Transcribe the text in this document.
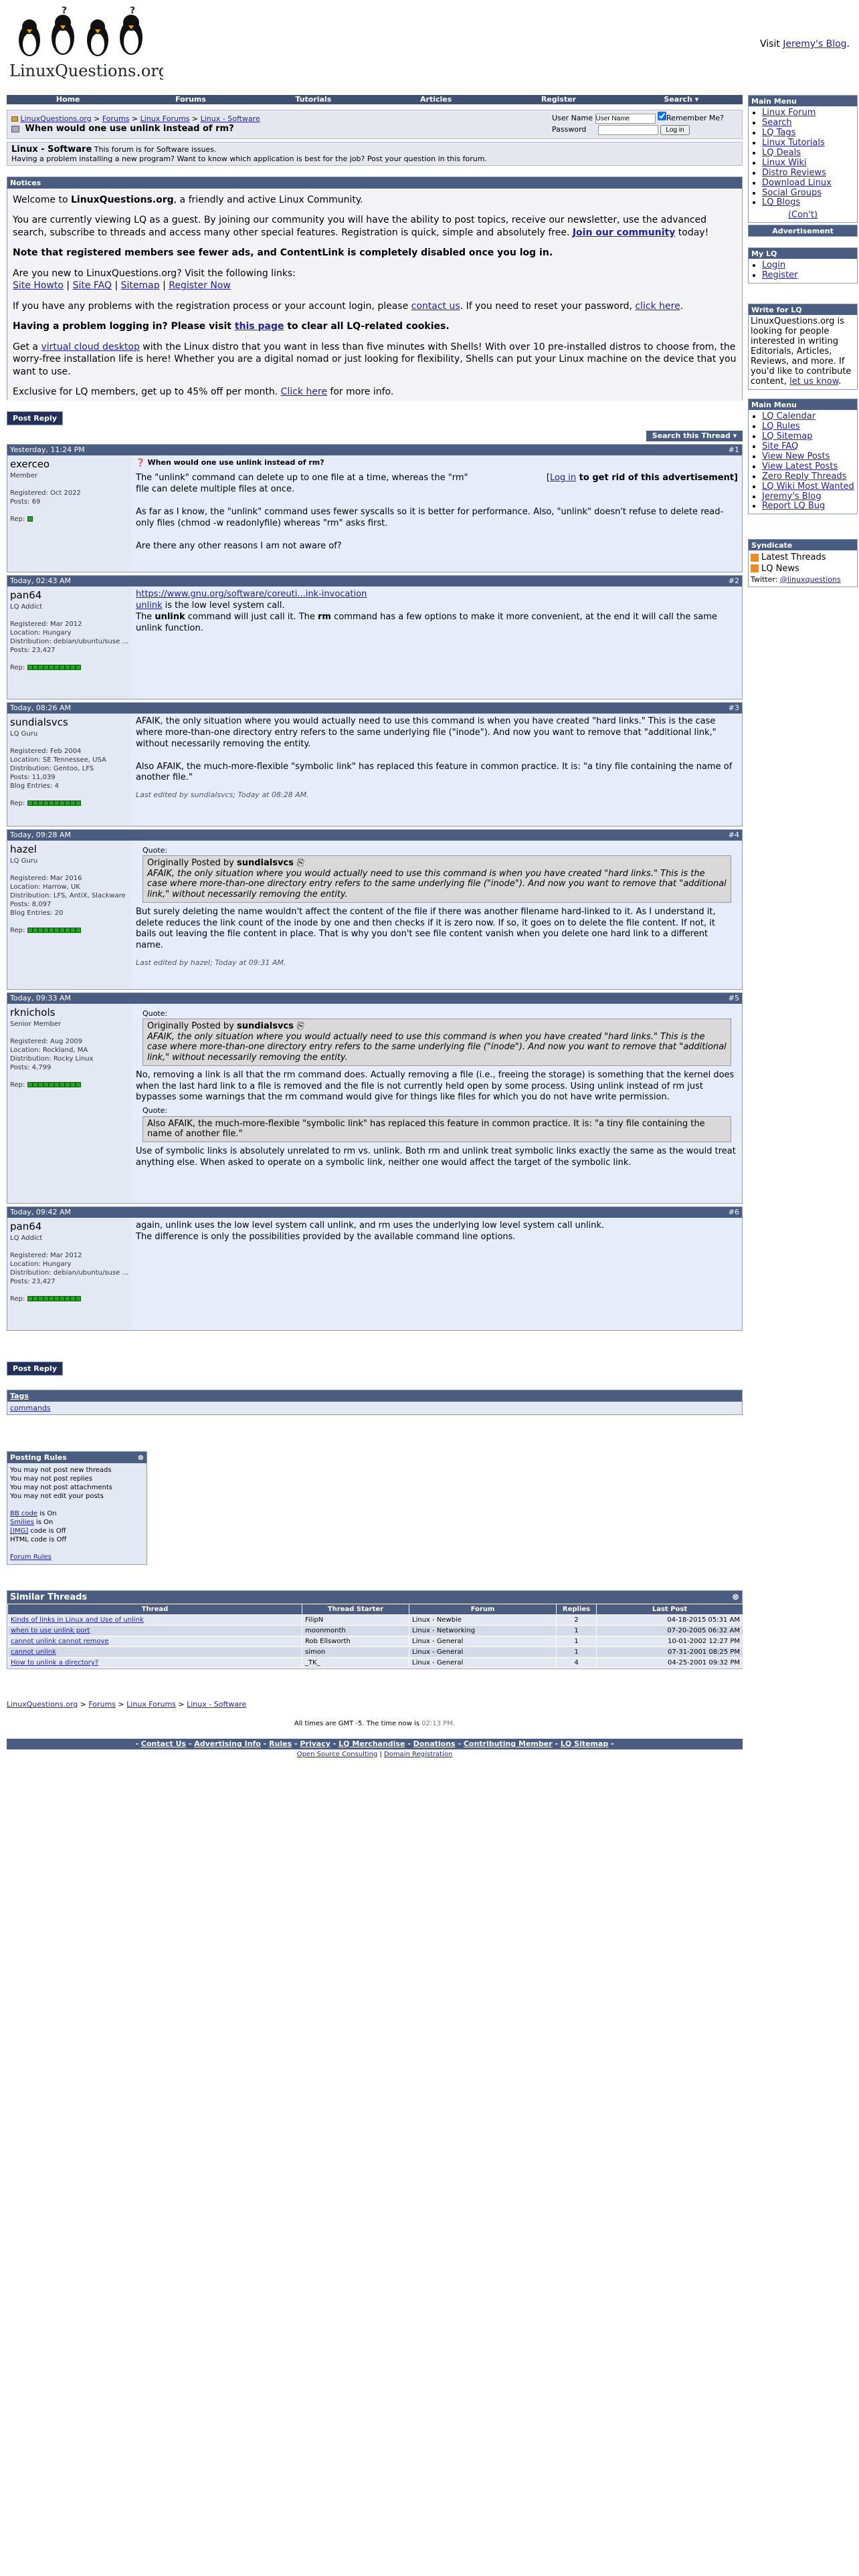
?	?
LinuxQuestions.org
Visit Jeremy's Blog.
Home	Forums	Tutorials	Articles	Register	Search ▾
LinuxQuestions.org > Forums > Linux Forums > Linux - Software
When would one use unlink instead of rm?
User Name User Name	Remember Me?
Password	Log in
Linux - Software This forum is for Software issues.
Having a problem installing a new program? Want to know which application is best for the job? Post your question in this forum.
Notices

Welcome to LinuxQuestions.org, a friendly and active Linux Community.

You are currently viewing LQ as a guest. By joining our community you will have the ability to post topics, receive our newsletter, use the advanced search, subscribe to threads and access many other special features. Registration is quick, simple and absolutely free. Join our community today!

Note that registered members see fewer ads, and ContentLink is completely disabled once you log in.

Are you new to LinuxQuestions.org? Visit the following links:
Site Howto | Site FAQ | Sitemap | Register Now

If you have any problems with the registration process or your account login, please contact us. If you need to reset your password, click here.

Having a problem logging in? Please visit this page to clear all LQ-related cookies.

Get a virtual cloud desktop with the Linux distro that you want in less than five minutes with Shells! With over 10 pre-installed distros to choose from, the worry-free installation life is here! Whether you are a digital nomad or just looking for flexibility, Shells can put your Linux machine on the device that you want to use.

Exclusive for LQ members, get up to 45% off per month. Click here for more info.

Post Reply
Search this Thread ▾
Yesterday, 11:24 PM	#1
exerceo
Member

Registered: Oct 2022
Posts: 69

Rep:
❓ When would one use unlink instead of rm?
The "unlink" command can delete up to one file at a time, whereas the "rm" file can delete multiple files at once.
[Log in to get rid of this advertisement]

As far as I know, the "unlink" command uses fewer syscalls so it is better for performance. Also, "unlink" doesn't refuse to delete read-only files (chmod -w readonlyfile) whereas "rm" asks first.

Are there any other reasons I am not aware of?
Today, 02:43 AM	#2
pan64
LQ Addict

Registered: Mar 2012
Location: Hungary
Distribution: debian/ubuntu/suse ...
Posts: 23,427

Rep:
https://www.gnu.org/software/coreuti...ink-invocation
unlink is the low level system call.
The unlink command will just call it. The rm command has a few options to make it more convenient, at the end it will call the same unlink function.
Today, 08:26 AM	#3
sundialsvcs
LQ Guru

Registered: Feb 2004
Location: SE Tennessee, USA
Distribution: Gentoo, LFS
Posts: 11,039
Blog Entries: 4

Rep:
AFAIK, the only situation where you would actually need to use this command is when you have created "hard links." This is the case where more-than-one directory entry refers to the same underlying file ("inode"). And now you want to remove that "additional link," without necessarily removing the entity.

Also AFAIK, the much-more-flexible "symbolic link" has replaced this feature in common practice. It is: "a tiny file containing the name of another file."
Last edited by sundialsvcs; Today at 08:28 AM.
Today, 09:28 AM	#4
hazel
LQ Guru

Registered: Mar 2016
Location: Harrow, UK
Distribution: LFS, AntiX, Slackware
Posts: 8,097
Blog Entries: 20

Rep:
Quote:
Originally Posted by sundialsvcs ⎘
AFAIK, the only situation where you would actually need to use this command is when you have created "hard links." This is the case where more-than-one directory entry refers to the same underlying file ("inode"). And now you want to remove that "additional link," without necessarily removing the entity.
But surely deleting the name wouldn't affect the content of the file if there was another filename hard-linked to it. As I understand it, delete reduces the link count of the inode by one and then checks if it is zero now. If so, it goes on to delete the file content. If not, it bails out leaving the file content in place. That is why you don't see file content vanish when you delete one hard link to a different name.
Last edited by hazel; Today at 09:31 AM.
Today, 09:33 AM	#5
rknichols
Senior Member

Registered: Aug 2009
Location: Rockland, MA
Distribution: Rocky Linux
Posts: 4,799

Rep:
Quote:
Originally Posted by sundialsvcs ⎘
AFAIK, the only situation where you would actually need to use this command is when you have created "hard links." This is the case where more-than-one directory entry refers to the same underlying file ("inode"). And now you want to remove that "additional link," without necessarily removing the entity.
No, removing a link is all that the rm command does. Actually removing a file (i.e., freeing the storage) is something that the kernel does when the last hard link to a file is removed and the file is not currently held open by some process. Using unlink instead of rm just bypasses some warnings that the rm command would give for things like files for which you do not have write permission.
Quote:
Also AFAIK, the much-more-flexible "symbolic link" has replaced this feature in common practice. It is: "a tiny file containing the name of another file."
Use of symbolic links is absolutely unrelated to rm vs. unlink. Both rm and unlink treat symbolic links exactly the same as the would treat anything else. When asked to operate on a symbolic link, neither one would affect the target of the symbolic link.
Today, 09:42 AM	#6
pan64
LQ Addict

Registered: Mar 2012
Location: Hungary
Distribution: debian/ubuntu/suse ...
Posts: 23,427

Rep:
again, unlink uses the low level system call unlink, and rm uses the underlying low level system call unlink.
The difference is only the possibilities provided by the available command line options.
Post Reply
Tags
commands
Posting Rules	⊗
You may not post new threads
You may not post replies
You may not post attachments
You may not edit your posts

BB code is On
Smilies is On
[IMG] code is Off
HTML code is Off

Forum Rules
Similar Threads	⊗
Thread	Thread Starter	Forum	Replies	Last Post
Kinds of links in Linux and Use of unlink	FilipN	Linux - Newbie	2	04-18-2015 05:31 AM
when to use unlink port	moonmonth	Linux - Networking	1	07-20-2005 06:32 AM
cannot unlink cannot remove	Rob Ellsworth	Linux - General	1	10-01-2002 12:27 PM
cannot unlink	simon	Linux - General	1	07-31-2001 08:25 PM
How to unlink a directory?	_TK_	Linux - General	4	04-25-2001 09:32 PM
LinuxQuestions.org > Forums > Linux Forums > Linux - Software
All times are GMT -5. The time now is 02:13 PM.
- Contact Us - Advertising Info - Rules - Privacy - LQ Merchandise - Donations - Contributing Member - LQ Sitemap -
Open Source Consulting | Domain Registration
Main Menu
• Linux Forum
• Search
• LQ Tags
• Linux Tutorials
• LQ Deals
• Linux Wiki
• Distro Reviews
• Download Linux
• Social Groups
• LQ Blogs
(Con't)
Advertisement
My LQ
• Login
• Register
Write for LQ
LinuxQuestions.org is looking for people interested in writing Editorials, Articles, Reviews, and more. If you'd like to contribute content, let us know.
Main Menu
• LQ Calendar
• LQ Rules
• LQ Sitemap
• Site FAQ
• View New Posts
• View Latest Posts
• Zero Reply Threads
• LQ Wiki Most Wanted
• Jeremy's Blog
• Report LQ Bug
Syndicate
Latest Threads
LQ News
Twitter: @linuxquestions
